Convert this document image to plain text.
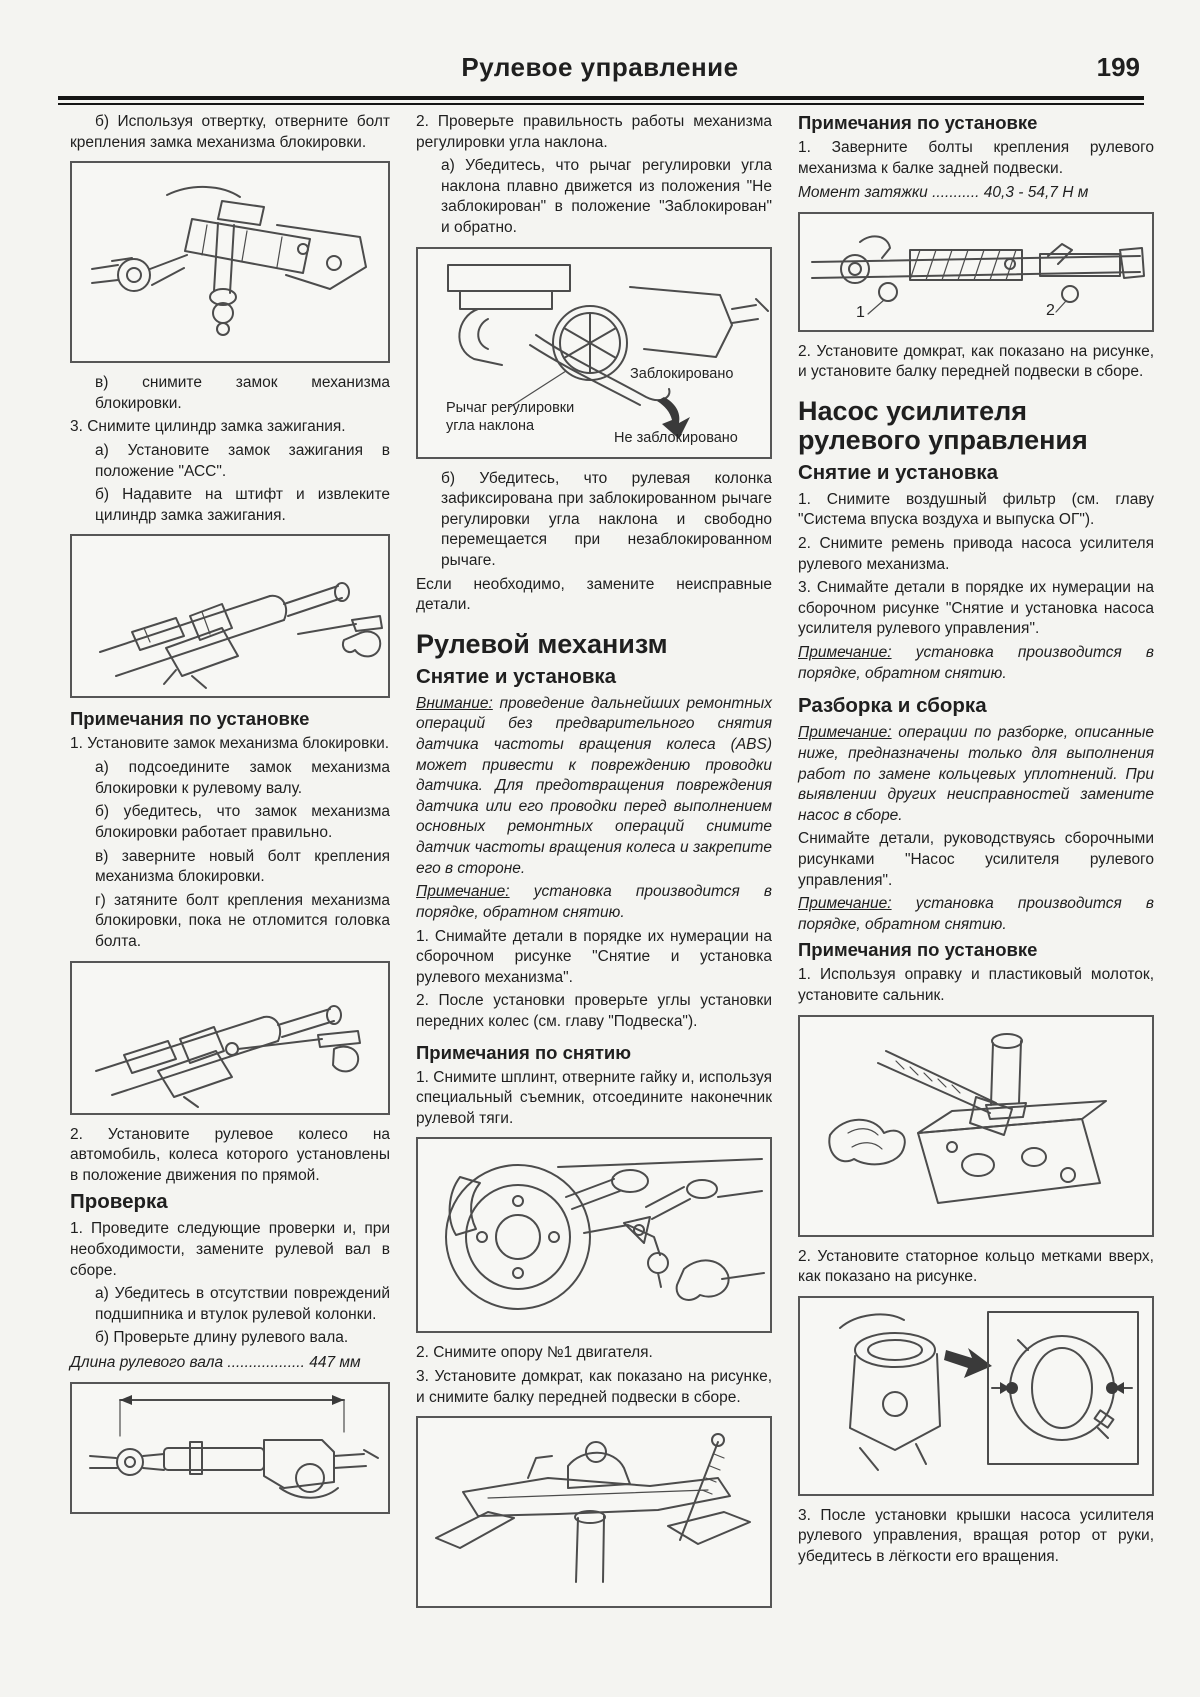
Рулевое управление	199

б) Используя отвертку, отверните болт крепления замка механизма блокировки.

в) снимите замок механизма блокировки.

3. Снимите цилиндр замка зажигания.

а) Установите замок зажигания в положение "АСС".

б) Надавите на штифт и извлеките цилиндр замка зажигания.

Примечания по установке

1. Установите замок механизма блокировки.

а) подсоедините замок механизма блокировки к рулевому валу.

б) убедитесь, что замок механизма блокировки работает правильно.

в) заверните новый болт крепления механизма блокировки.

г) затяните болт крепления механизма блокировки, пока не отломится головка болта.

2. Установите рулевое колесо на автомобиль, колеса которого установлены в положение движения по прямой.

Проверка

1. Проведите следующие проверки и, при необходимости, замените рулевой вал в сборе.

а) Убедитесь в отсутствии повреждений подшипника и втулок рулевой колонки.

б) Проверьте длину рулевого вала.

Длина рулевого вала .................. 447 мм

2. Проверьте правильность работы механизма регулировки угла наклона.

а) Убедитесь, что рычаг регулировки угла наклона плавно движется из положения "Не заблокирован" в положение "Заблокирован" и обратно.

Заблокировано
Рычаг регулировки угла наклона
Не заблокировано

б) Убедитесь, что рулевая колонка зафиксирована при заблокированном рычаге регулировки угла наклона и свободно перемещается при незаблокированном рычаге.

Если необходимо, замените неисправные детали.

Рулевой механизм
Снятие и установка

Внимание: проведение дальнейших ремонтных операций без предварительного снятия датчика частоты вращения колеса (ABS) может привести к повреждению проводки датчика. Для предотвращения повреждения датчика или его проводки перед выполнением основных ремонтных операций снимите датчик частоты вращения колеса и закрепите его в стороне.

Примечание: установка производится в порядке, обратном снятию.

1. Снимайте детали в порядке их нумерации на сборочном рисунке "Снятие и установка рулевого механизма".

2. После установки проверьте углы установки передних колес (см. главу "Подвеска").

Примечания по снятию

1. Снимите шплинт, отверните гайку и, используя специальный съемник, отсоедините наконечник рулевой тяги.

2. Снимите опору №1 двигателя.

3. Установите домкрат, как показано на рисунке, и снимите балку передней подвески в сборе.

Примечания по установке

1. Заверните болты крепления рулевого механизма к балке задней подвески.

Момент затяжки ........... 40,3 - 54,7 Н м

1	2

2. Установите домкрат, как показано на рисунке, и установите балку передней подвески в сборе.

Насос усилителя рулевого управления
Снятие и установка

1. Снимите воздушный фильтр (см. главу "Система впуска воздуха и выпуска ОГ").

2. Снимите ремень привода насоса усилителя рулевого механизма.

3. Снимайте детали в порядке их нумерации на сборочном рисунке "Снятие и установка насоса усилителя рулевого управления".

Примечание: установка производится в порядке, обратном снятию.

Разборка и сборка

Примечание: операции по разборке, описанные ниже, предназначены только для выполнения работ по замене кольцевых уплотнений. При выявлении других неисправностей замените насос в сборе.

Снимайте детали, руководствуясь сборочными рисунками "Насос усилителя рулевого управления".

Примечание: установка производится в порядке, обратном снятию.

Примечания по установке

1. Используя оправку и пластиковый молоток, установите сальник.

2. Установите статорное кольцо метками вверх, как показано на рисунке.

3. После установки крышки насоса усилителя рулевого управления, вращая ротор от руки, убедитесь в лёгкости его вращения.
